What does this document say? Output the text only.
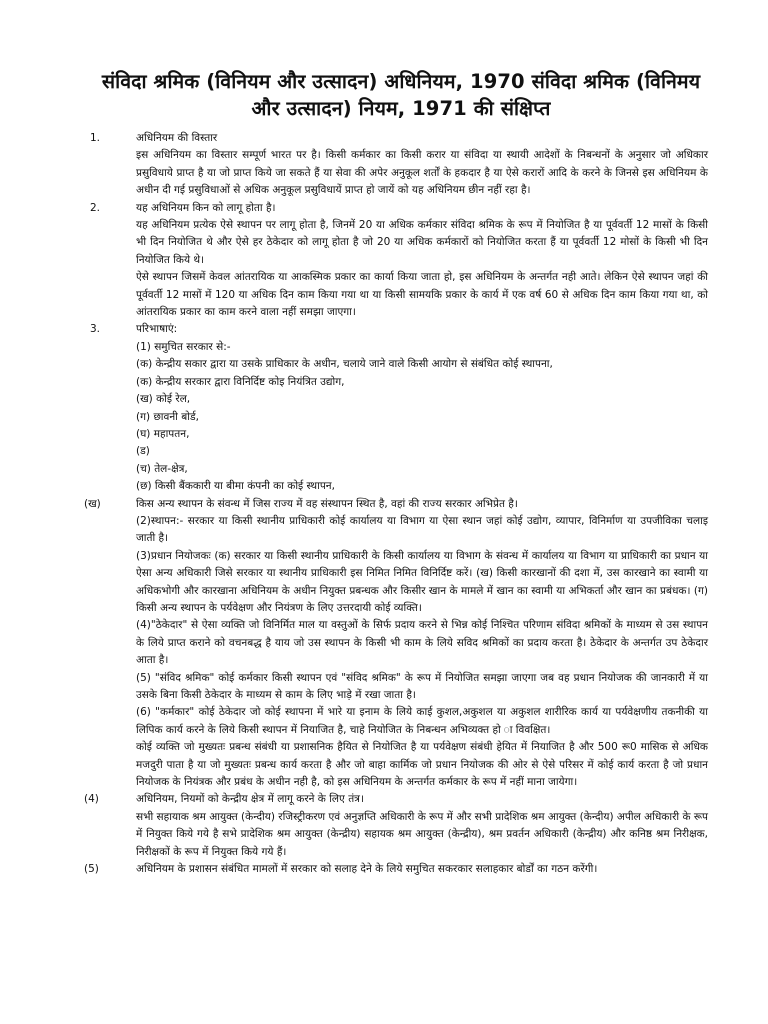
संविदा श्रमिक (विनियम और उत्सादन) अधिनियम, 1970 संविदा श्रमिक (विनिमय और उत्सादन) नियम, 1971 की संक्षिप्त
1.	अधिनियम की विस्तार

इस अधिनियम का विस्तार सम्पूर्ण भारत पर है। किसी कर्मकार का किसी करार या संविदा या स्थायी आदेशों के निबन्धनों के अनुसार जो अधिकार प्रसुविधाये प्राप्त है या जो प्राप्त किये जा सकते हैं या सेवा की अपेर अनुकूल शर्तों के हकदार है या ऐसे करारों आदि के करने के जिनसे इस अधिनियम के अधीन दी गई प्रसुविधाओं से अधिक अनुकूल प्रसुविधायें प्राप्त हो जायें को यह अधिनियम छीन नहीं रहा है।

2.	यह अधिनियम किन को लागू होता है।

यह अधिनियम प्रत्येक ऐसे स्थापन पर लागू होता है, जिनमें 20 या अधिक कर्मकार संविदा श्रमिक के रूप में नियोजित है या पूर्ववर्ती 12 मासों के किसी भी दिन नियोजित थे और ऐसे हर ठेकेदार को लागू होता है जो 20 या अधिक कर्मकारों को नियोजित करता हैं या पूर्ववर्ती 12 मोसों के किसी भी दिन नियोजित किये थे।

ऐसे स्थापन जिसमें केवल आंतरायिक या आकस्मिक प्रकार का कार्या किया जाता हो, इस अधिनियम के अन्तर्गत नही आते। लेकिन ऐसे स्थापन जहां की पूर्ववर्ती 12 मासों में 120 या अधिक दिन काम किया गया था या किसी सामयकि प्रकार के कार्य में एक वर्ष 60 से अधिक दिन काम किया गया था, को आंतरायिक प्रकार का काम करने वाला नहीं समझा जाएगा।

3.	परिभाषाएं:

(1) समुचित सरकार से:-

(क) केन्द्रीय सकार द्वारा या उसके प्राधिकार के अधीन, चलाये जाने वाले किसी आयोग से संबंधित कोई स्थापना,

(क) केन्द्रीय सरकार द्वारा विनिर्दिष्ट कोइ नियंत्रित उद्योग,

(ख) कोई रेल,

(ग) छावनी बोर्ड,

(घ) महापतन,

(ड)

(च) तेल-क्षेत्र,

(छ) किसी बैंककारी या बीमा कंपनी का कोई स्थापन,

(ख)	किस अन्य स्थापन के संवन्ध में जिस राज्य में वह संस्थापन स्थित है, वहां की राज्य सरकार अभिप्रेत है।

(2)स्थापन:- सरकार या किसी स्थानीय प्राधिकारी कोई कार्यालय या विभाग या ऐसा स्थान जहां कोई उद्योग, व्यापार, विनिर्माण या उपजीविका चलाइ जाती है।

(3)प्रधान नियोजकः (क) सरकार या किसी स्थानीय प्राधिकारी के किसी कार्यालय या विभाग के संवन्ध में कार्यालय या विभाग या प्राधिकारी का प्रधान या ऐसा अन्य अधिकारी जिसे सरकार या स्थानीय प्राधिकारी इस निमित निमित विनिर्दिष्ट करें। (ख) किसी कारखानों की दशा में, उस कारखाने का स्वामी या अधिकभोगी और कारखाना अधिनियम के अधीन नियुक्त प्रबन्धक और किसीर खान के मामले में खान का स्वामी या अभिकर्ता और खान का प्रबंधक। (ग) किसी अन्य स्थापन के पर्यवेक्षण और नियंत्रण के लिए उत्तरदायी कोई व्यक्ति।

(4)"ठेकेदार" से ऐसा व्यक्ति जो विनिर्मित माल या वस्तुओं के सिर्फ प्रदाय करने से भिन्न कोई निश्चित परिणाम संविदा श्रमिकों के माध्यम से उस स्थापन के लिये प्राप्त कराने को वचनबद्ध है याय जो उस स्थापन के किसी भी काम के लिये सविद श्रमिकों का प्रदाय करता है। ठेकेदार के अन्तर्गत उप ठेकेदार आता है।

(5) "संविद श्रमिक" कोई कर्मकार किसी स्थापन एवं "संविद श्रमिक" के रूप में नियोजित समझा जाएगा जब वह प्रधान नियोजक की जानकारी में या उसके बिना किसी ठेकेदार के माध्यम से काम के लिए भाड़े में रखा जाता है।

(6) "कर्मकार" कोई ठेकेदार जो कोई स्थापना में भारे या इनाम के लिये काई कुशल,अकुशल या अकुशल शारीरिक कार्य या पर्यवेक्षणीय तकनीकी या लिपिक कार्य करने के लिये किसी स्थापन में नियाजित है, चाहे नियोजित के निबन्धन अभिव्यक्त हो ा विवक्षित।

कोई व्यक्ति जो मुख्यतः प्रबन्ध संबंधी या प्रशासनिक हैयित से नियोजित है या पर्यवेक्षण संबंधी हेयित में नियाजित है और 500 रू0 मासिक से अधिक मजदुरी पाता है या जो मुख्यतः प्रबन्ध कार्य करता है और जो बाहा कार्मिक जो प्रधान नियोजक की ओर से ऐसे परिसर में कोई कार्य करता है जो प्रधान नियोजक के नियंत्रक और प्रबंध के अधीन नही है, को इस अधिनियम के अन्तर्गत कर्मकार के रूप में नहीं माना जायेगा।

(4)	अधिनियम, नियमों को केन्द्रीय क्षेत्र में लागू करने के लिए तंत्र।

सभी सहायाक श्रम आयुक्त (केन्दीय) रजिस्ट्रीकरण एवं अनुज्ञप्ति अधिकारी के रूप में और सभी प्रादेशिक श्रम आयुक्त (केन्दीय) अपील अधिकारी के रूप में नियुक्त किये गये है सभे प्रादेशिक श्रम आयुक्त (केन्द्रीय) सहायक श्रम आयुक्त (केन्द्रीय), श्रम प्रवर्तन अधिकारी (केन्द्रीय) और कनिष्ठ श्रम निरीक्षक, निरीक्षकों के रूप में नियुक्त किये गये हैं।

(5)	अधिनियम के प्रशासन संबंधित मामलों में सरकार को सलाह देने के लिये समुचित सकरकार सलाहकार बोर्डों का गठन करेंगी।
